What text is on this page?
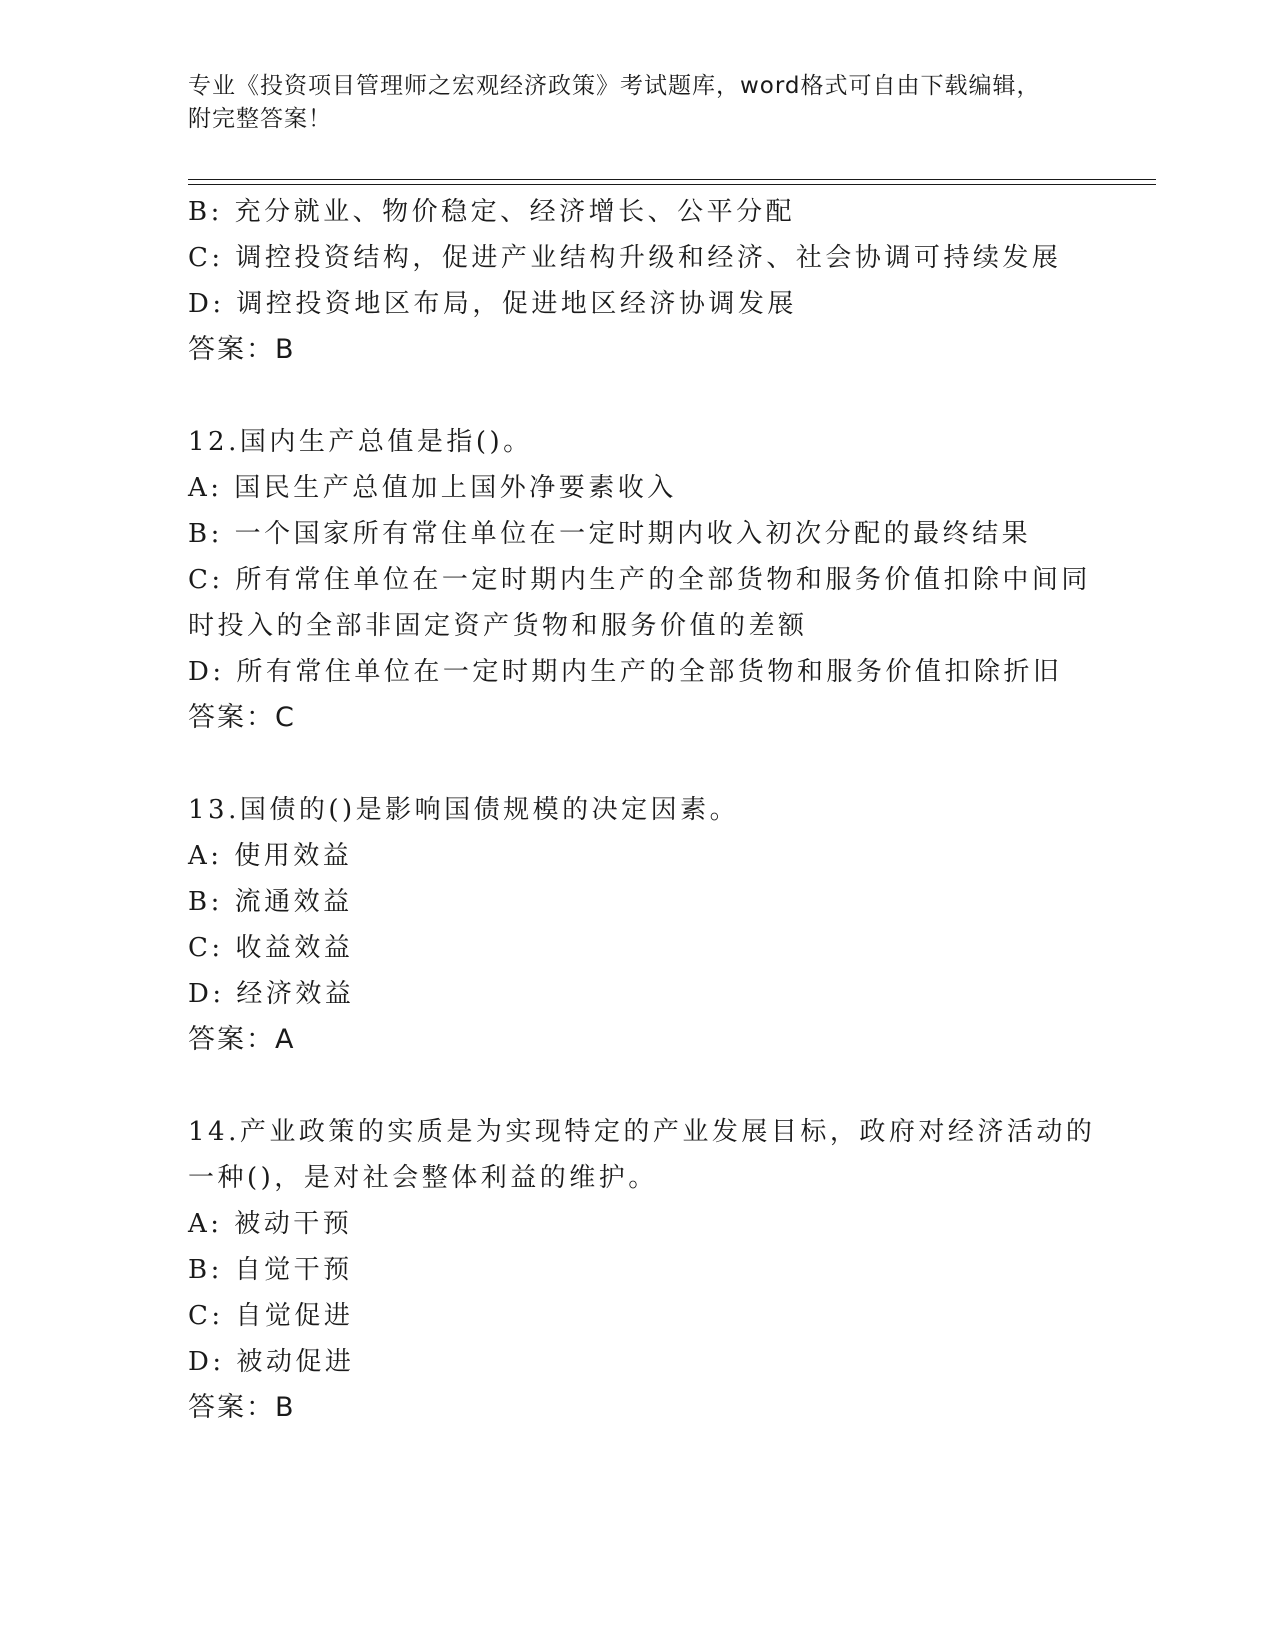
专业《投资项目管理师之宏观经济政策》考试题库，word格式可自由下载编辑，
附完整答案！
B: 充分就业、物价稳定、经济增长、公平分配
C: 调控投资结构，促进产业结构升级和经济、社会协调可持续发展
D: 调控投资地区布局，促进地区经济协调发展
答案：B
12.国内生产总值是指()。
A: 国民生产总值加上国外净要素收入
B: 一个国家所有常住单位在一定时期内收入初次分配的最终结果
C: 所有常住单位在一定时期内生产的全部货物和服务价值扣除中间同
时投入的全部非固定资产货物和服务价值的差额
D: 所有常住单位在一定时期内生产的全部货物和服务价值扣除折旧
答案：C
13.国债的()是影响国债规模的决定因素。
A: 使用效益
B: 流通效益
C: 收益效益
D: 经济效益
答案：A
14.产业政策的实质是为实现特定的产业发展目标，政府对经济活动的
一种()，是对社会整体利益的维护。
A: 被动干预
B: 自觉干预
C: 自觉促进
D: 被动促进
答案：B
